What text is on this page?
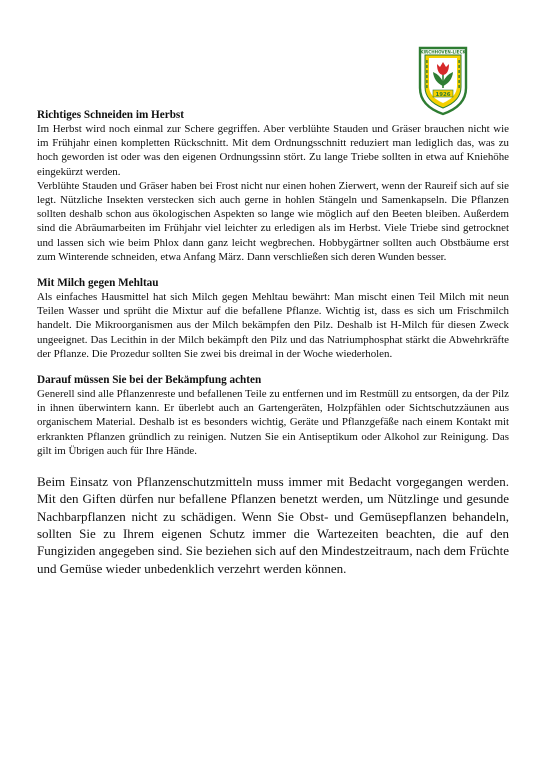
KIRCHHOVEN-LIECK
1926
Richtiges Schneiden im Herbst

Im Herbst wird noch einmal zur Schere gegriffen. Aber verblühte Stauden und Gräser brauchen nicht wie im Frühjahr einen kompletten Rückschnitt. Mit dem Ordnungsschnitt reduziert man lediglich das, was zu hoch geworden ist oder was den eigenen Ordnungssinn stört. Zu lange Triebe sollten in etwa auf Kniehöhe eingekürzt werden.

Verblühte Stauden und Gräser haben bei Frost nicht nur einen hohen Zierwert, wenn der Raureif sich auf sie legt. Nützliche Insekten verstecken sich auch gerne in hohlen Stängeln und Samenkapseln. Die Pflanzen sollten deshalb schon aus ökologischen Aspekten so lange wie möglich auf den Beeten bleiben. Außerdem sind die Abräumarbeiten im Frühjahr viel leichter zu erledigen als im Herbst. Viele Triebe sind getrocknet und lassen sich wie beim Phlox dann ganz leicht wegbrechen. Hobbygärtner sollten auch Obstbäume erst zum Winterende schneiden, etwa Anfang März. Dann verschließen sich deren Wunden besser.

Mit Milch gegen Mehltau

Als einfaches Hausmittel hat sich Milch gegen Mehltau bewährt: Man mischt einen Teil Milch mit neun Teilen Wasser und sprüht die Mixtur auf die befallene Pflanze. Wichtig ist, dass es sich um Frischmilch handelt. Die Mikroorganismen aus der Milch bekämpfen den Pilz. Deshalb ist H-Milch für diesen Zweck ungeeignet. Das Lecithin in der Milch bekämpft den Pilz und das Natriumphosphat stärkt die Abwehrkräfte der Pflanze. Die Prozedur sollten Sie zwei bis dreimal in der Woche wiederholen.

Darauf müssen Sie bei der Bekämpfung achten

Generell sind alle Pflanzenreste und befallenen Teile zu entfernen und im Restmüll zu entsorgen, da der Pilz in ihnen überwintern kann. Er überlebt auch an Gartengeräten, Holzpfählen oder Sichtschutzzäunen aus organischem Material. Deshalb ist es besonders wichtig, Geräte und Pflanzgefäße nach einem Kontakt mit erkrankten Pflanzen gründlich zu reinigen. Nutzen Sie ein Antiseptikum oder Alkohol zur Reinigung. Das gilt im Übrigen auch für Ihre Hände.

Beim Einsatz von Pflanzenschutzmitteln muss immer mit Bedacht vorgegangen werden. Mit den Giften dürfen nur befallene Pflanzen benetzt werden, um Nützlinge und gesunde Nachbarpflanzen nicht zu schädigen. Wenn Sie Obst- und Gemüsepflanzen behandeln, sollten Sie zu Ihrem eigenen Schutz immer die Wartezeiten beachten, die auf den Fungiziden angegeben sind. Sie beziehen sich auf den Mindestzeitraum, nach dem Früchte und Gemüse wieder unbedenklich verzehrt werden können.
